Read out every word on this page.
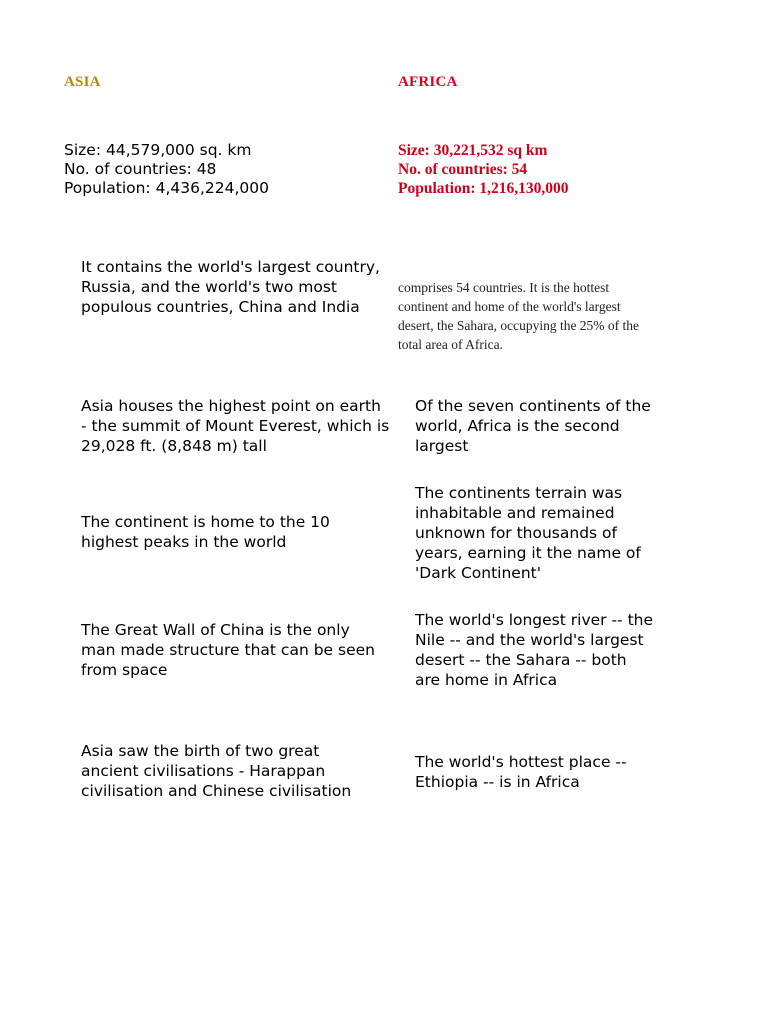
ASIA	AFRICA
Size: 44,579,000 sq. km
No. of countries: 48
Population: 4,436,224,000
Size: 30,221,532 sq km
No. of countries: 54
Population: 1,216,130,000
It contains the world's largest country, Russia, and the world's two most populous countries, China and India
Asia houses the highest point on earth - the summit of Mount Everest, which is 29,028 ft. (8,848 m) tall
The continent is home to the 10 highest peaks in the world
The Great Wall of China is the only man made structure that can be seen from space
Asia saw the birth of two great ancient civilisations - Harappan civilisation and Chinese civilisation
comprises 54 countries. It is the hottest continent and home of the world's largest desert, the Sahara, occupying the 25% of the total area of Africa.
Of the seven continents of the world, Africa is the second largest
The continents terrain was inhabitable and remained unknown for thousands of years, earning it the name of 'Dark Continent'
The world's longest river -- the Nile -- and the world's largest desert -- the Sahara -- both are home in Africa
The world's hottest place -- Ethiopia -- is in Africa
